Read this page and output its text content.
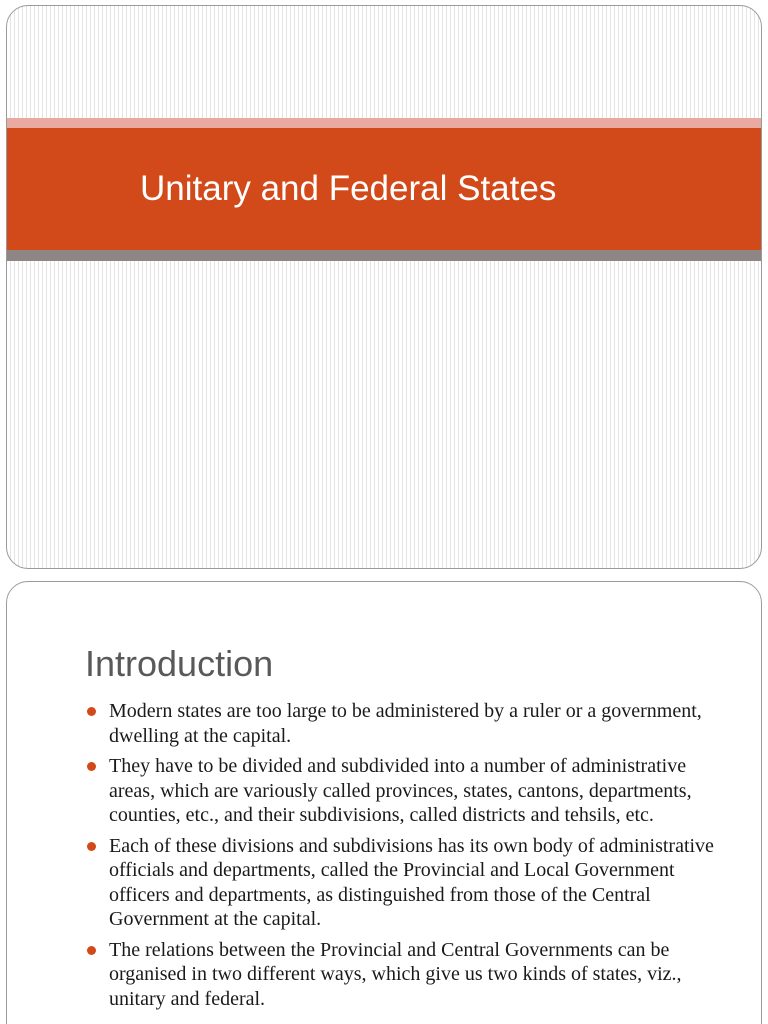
Unitary and Federal States
Introduction
Modern states are too large to be administered by a ruler or a government, dwelling at the capital.
They have to be divided and subdivided into a number of administrative areas, which are variously called provinces, states, cantons, departments, counties, etc., and their subdivisions, called districts and tehsils, etc.
Each of these divisions and subdivisions has its own body of administrative officials and departments, called the Provincial and Local Government officers and departments, as distinguished from those of the Central Government at the capital.
The relations between the Provincial and Central Governments can be organised in two different ways, which give us two kinds of states, viz., unitary and federal.
